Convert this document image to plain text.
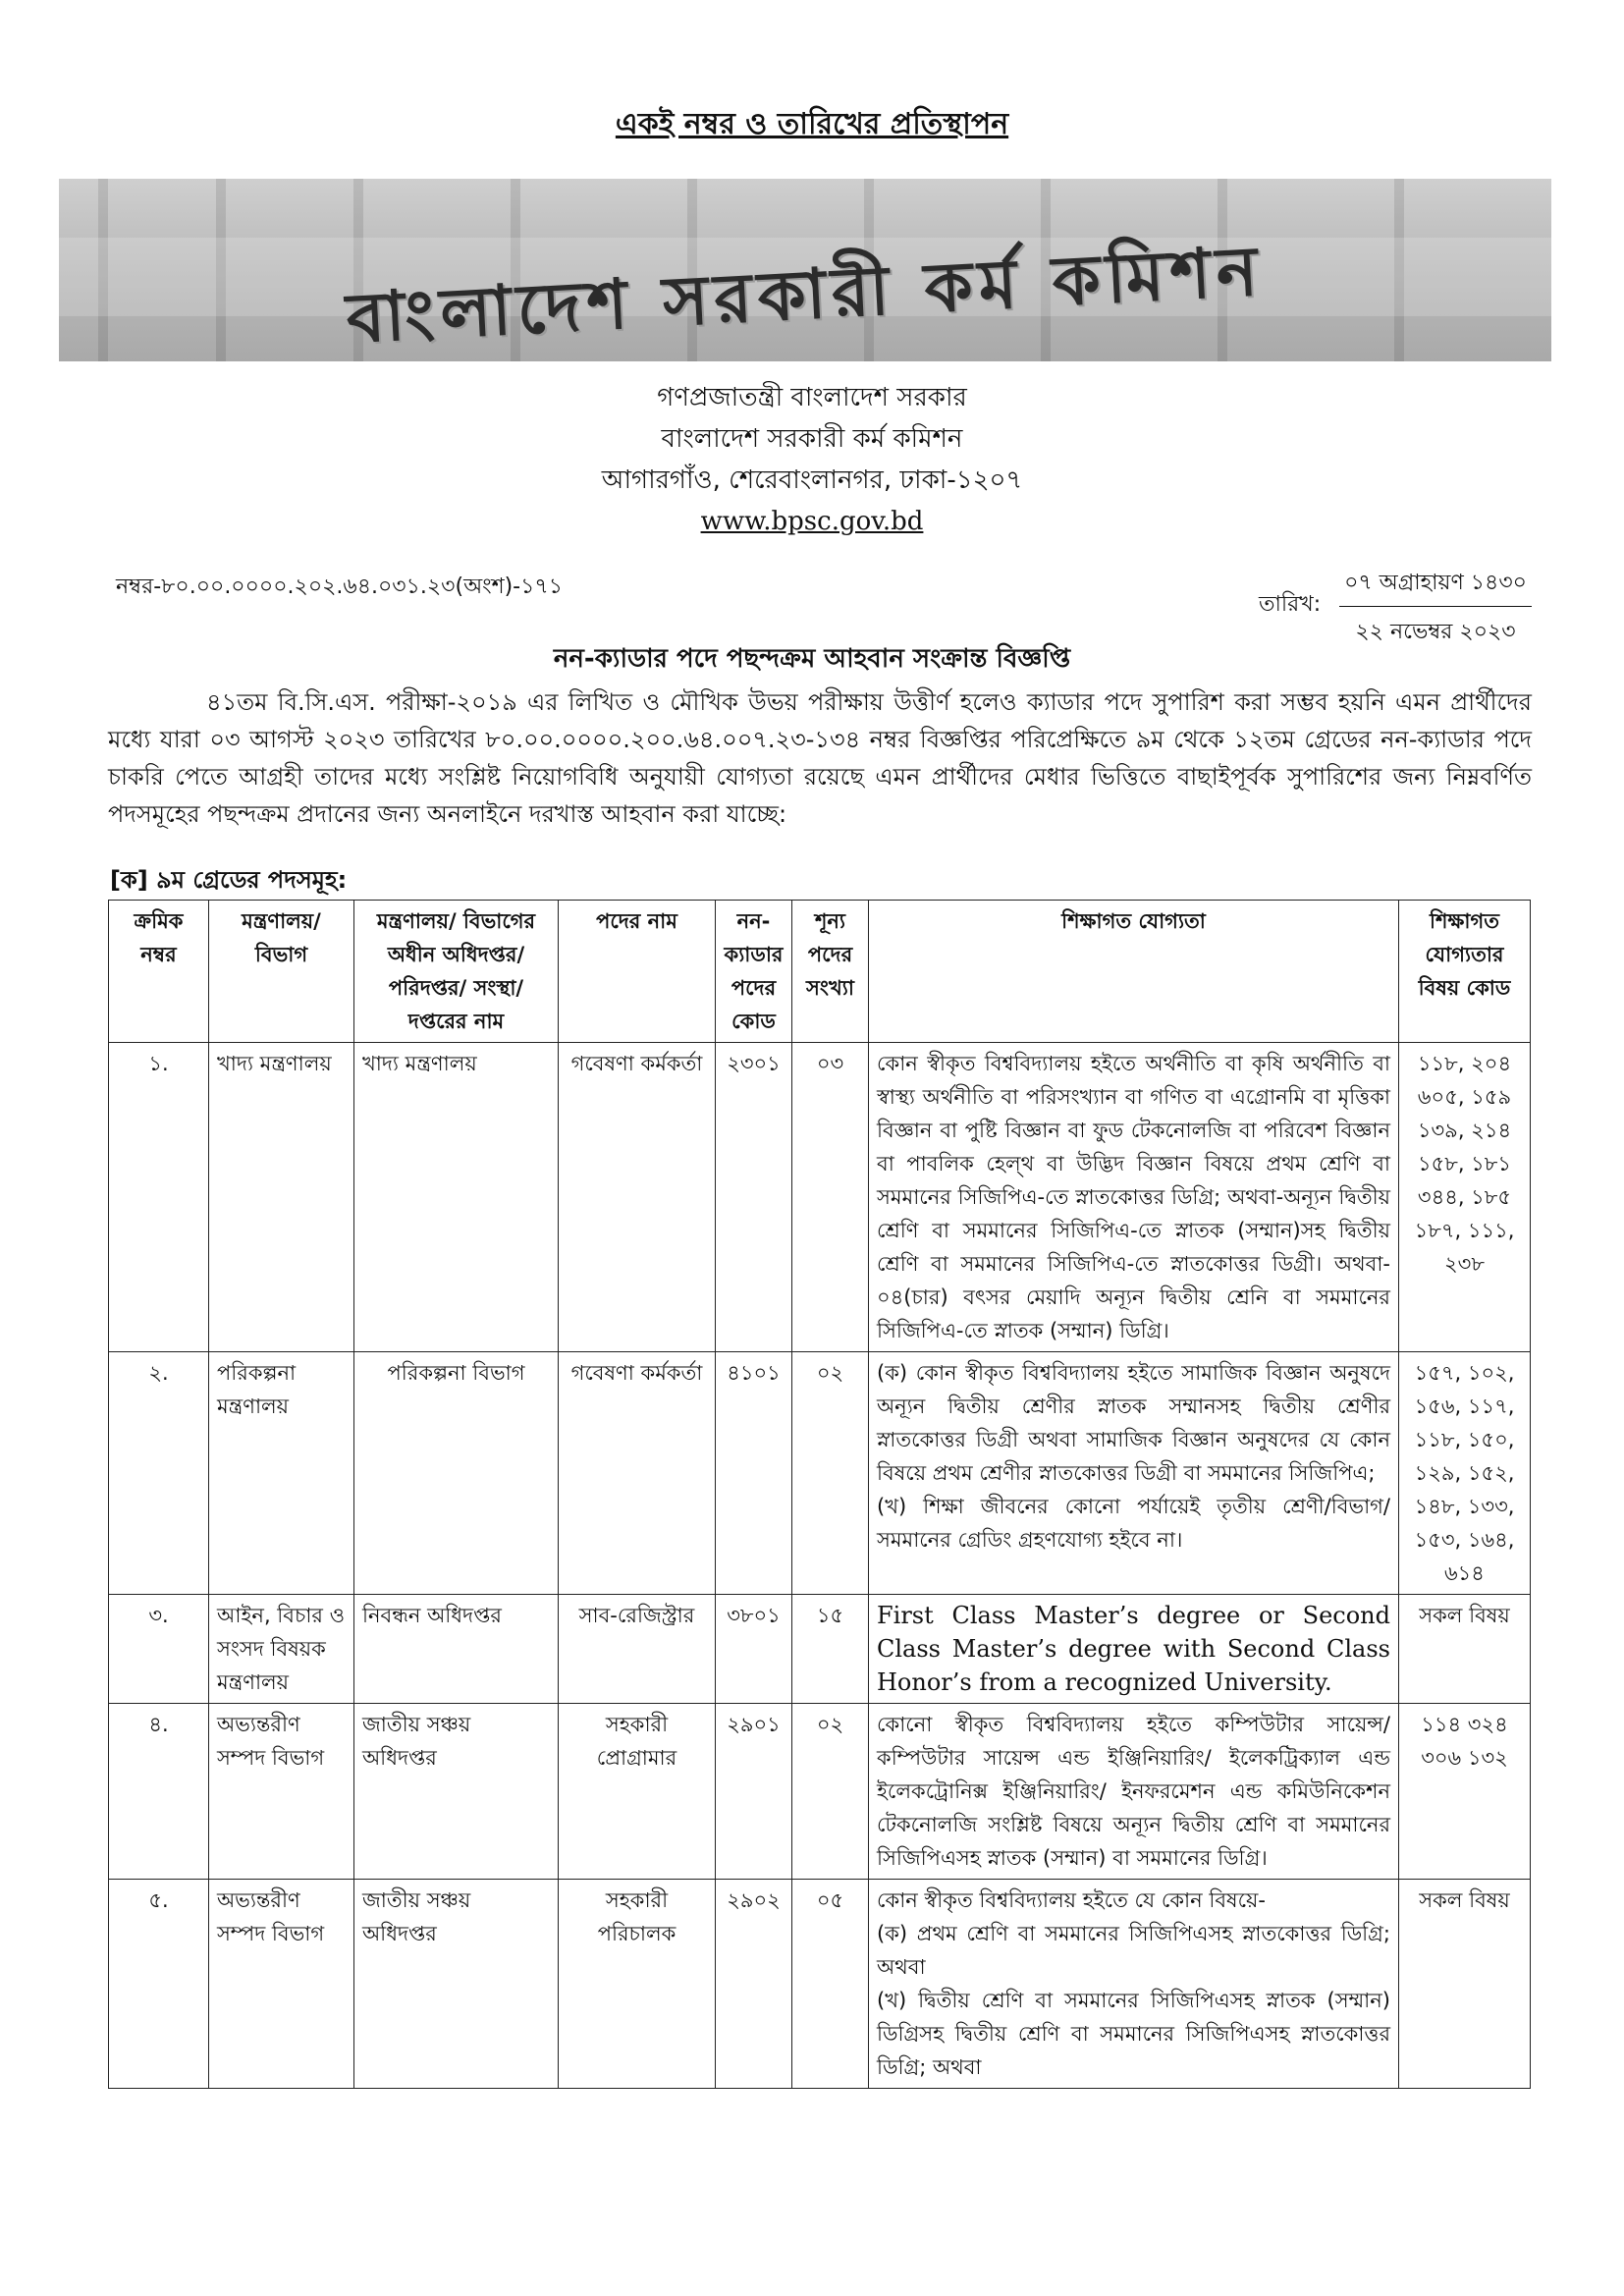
একই নম্বর ও তারিখের প্রতিস্থাপন
বাংলাদেশ সরকারী কর্ম কমিশন
গণপ্রজাতন্ত্রী বাংলাদেশ সরকার
বাংলাদেশ সরকারী কর্ম কমিশন
আগারগাঁও, শেরেবাংলানগর, ঢাকা-১২০৭
www.bpsc.gov.bd
নম্বর-৮০.০০.০০০০.২০২.৬৪.০৩১.২৩(অংশ)-১৭১
তারিখ:
০৭ অগ্রাহায়ণ ১৪৩০
২২ নভেম্বর ২০২৩
নন-ক্যাডার পদে পছন্দক্রম আহবান সংক্রান্ত বিজ্ঞপ্তি
৪১তম বি.সি.এস. পরীক্ষা-২০১৯ এর লিখিত ও মৌখিক উভয় পরীক্ষায় উত্তীর্ণ হলেও ক্যাডার পদে সুপারিশ করা সম্ভব হয়নি এমন প্রার্থীদের মধ্যে যারা ০৩ আগস্ট ২০২৩ তারিখের ৮০.০০.০০০০.২০০.৬৪.০০৭.২৩-১৩৪ নম্বর বিজ্ঞপ্তির পরিপ্রেক্ষিতে ৯ম থেকে ১২তম গ্রেডের নন-ক্যাডার পদে চাকরি পেতে আগ্রহী তাদের মধ্যে সংশ্লিষ্ট নিয়োগবিধি অনুযায়ী যোগ্যতা রয়েছে এমন প্রার্থীদের মেধার ভিত্তিতে বাছাইপূর্বক সুপারিশের জন্য নিম্নবর্ণিত পদসমূহের পছন্দক্রম প্রদানের জন্য অনলাইনে দরখাস্ত আহবান করা যাচ্ছে:
[ক] ৯ম গ্রেডের পদসমূহ:
ক্রমিক নম্বর	মন্ত্রণালয়/ বিভাগ	মন্ত্রণালয়/ বিভাগের অধীন অধিদপ্তর/ পরিদপ্তর/ সংস্থা/ দপ্তরের নাম	পদের নাম	নন-ক্যাডার পদের কোড	শূন্য পদের সংখ্যা	শিক্ষাগত যোগ্যতা	শিক্ষাগত যোগ্যতার বিষয় কোড
১.	খাদ্য মন্ত্রণালয়	খাদ্য মন্ত্রণালয়	গবেষণা কর্মকর্তা	২৩০১	০৩	কোন স্বীকৃত বিশ্ববিদ্যালয় হইতে অর্থনীতি বা কৃষি অর্থনীতি বা স্বাস্থ্য অর্থনীতি বা পরিসংখ্যান বা গণিত বা এগ্রোনমি বা মৃত্তিকা বিজ্ঞান বা পুষ্টি বিজ্ঞান বা ফুড টেকনোলজি বা পরিবেশ বিজ্ঞান বা পাবলিক হেল্থ বা উদ্ভিদ বিজ্ঞান বিষয়ে প্রথম শ্রেণি বা সমমানের সিজিপিএ-তে স্নাতকোত্তর ডিগ্রি; অথবা-অন্যূন দ্বিতীয় শ্রেণি বা সমমানের সিজিপিএ-তে স্নাতক (সম্মান)সহ দ্বিতীয় শ্রেণি বা সমমানের সিজিপিএ-তে স্নাতকোত্তর ডিগ্রী। অথবা- ০৪(চার) বৎসর মেয়াদি অন্যূন দ্বিতীয় শ্রেনি বা সমমানের সিজিপিএ-তে স্নাতক (সম্মান) ডিগ্রি।	১১৮, ২০৪ ৬০৫, ১৫৯ ১৩৯, ২১৪ ১৫৮, ১৮১ ৩৪৪, ১৮৫ ১৮৭, ১১১, ২৩৮
২.	পরিকল্পনা মন্ত্রণালয়	পরিকল্পনা বিভাগ	গবেষণা কর্মকর্তা	৪১০১	০২	(ক) কোন স্বীকৃত বিশ্ববিদ্যালয় হইতে সামাজিক বিজ্ঞান অনুষদে অন্যূন দ্বিতীয় শ্রেণীর স্নাতক সম্মানসহ দ্বিতীয় শ্রেণীর স্নাতকোত্তর ডিগ্রী অথবা সামাজিক বিজ্ঞান অনুষদের যে কোন বিষয়ে প্রথম শ্রেণীর স্নাতকোত্তর ডিগ্রী বা সমমানের সিজিপিএ;
(খ) শিক্ষা জীবনের কোনো পর্যায়েই তৃতীয় শ্রেণী/বিভাগ/ সমমানের গ্রেডিং গ্রহণযোগ্য হইবে না।	১৫৭, ১০২, ১৫৬, ১১৭, ১১৮, ১৫০, ১২৯, ১৫২, ১৪৮, ১৩৩, ১৫৩, ১৬৪, ৬১৪
৩.	আইন, বিচার ও সংসদ বিষয়ক মন্ত্রণালয়	নিবন্ধন অধিদপ্তর	সাব-রেজিস্ট্রার	৩৮০১	১৫	First Class Master’s degree or Second Class Master’s degree with Second Class Honor’s from a recognized University.	সকল বিষয়
৪.	অভ্যন্তরীণ সম্পদ বিভাগ	জাতীয় সঞ্চয় অধিদপ্তর	সহকারী প্রোগ্রামার	২৯০১	০২	কোনো স্বীকৃত বিশ্ববিদ্যালয় হইতে কম্পিউটার সায়েন্স/ কম্পিউটার সায়েন্স এন্ড ইঞ্জিনিয়ারিং/ ইলেকট্রিক্যাল এন্ড ইলেকট্রোনিক্স ইঞ্জিনিয়ারিং/ ইনফরমেশন এন্ড কমিউনিকেশন টেকনোলজি সংশ্লিষ্ট বিষয়ে অন্যূন দ্বিতীয় শ্রেণি বা সমমানের সিজিপিএসহ স্নাতক (সম্মান) বা সমমানের ডিগ্রি।	১১৪ ৩২৪ ৩০৬ ১৩২
৫.	অভ্যন্তরীণ সম্পদ বিভাগ	জাতীয় সঞ্চয় অধিদপ্তর	সহকারী পরিচালক	২৯০২	০৫	কোন স্বীকৃত বিশ্ববিদ্যালয় হইতে যে কোন বিষয়ে-
(ক) প্রথম শ্রেণি বা সমমানের সিজিপিএসহ স্নাতকোত্তর ডিগ্রি; অথবা
(খ) দ্বিতীয় শ্রেণি বা সমমানের সিজিপিএসহ স্নাতক (সম্মান) ডিগ্রিসহ দ্বিতীয় শ্রেণি বা সমমানের সিজিপিএসহ স্নাতকোত্তর ডিগ্রি; অথবা	সকল বিষয়
